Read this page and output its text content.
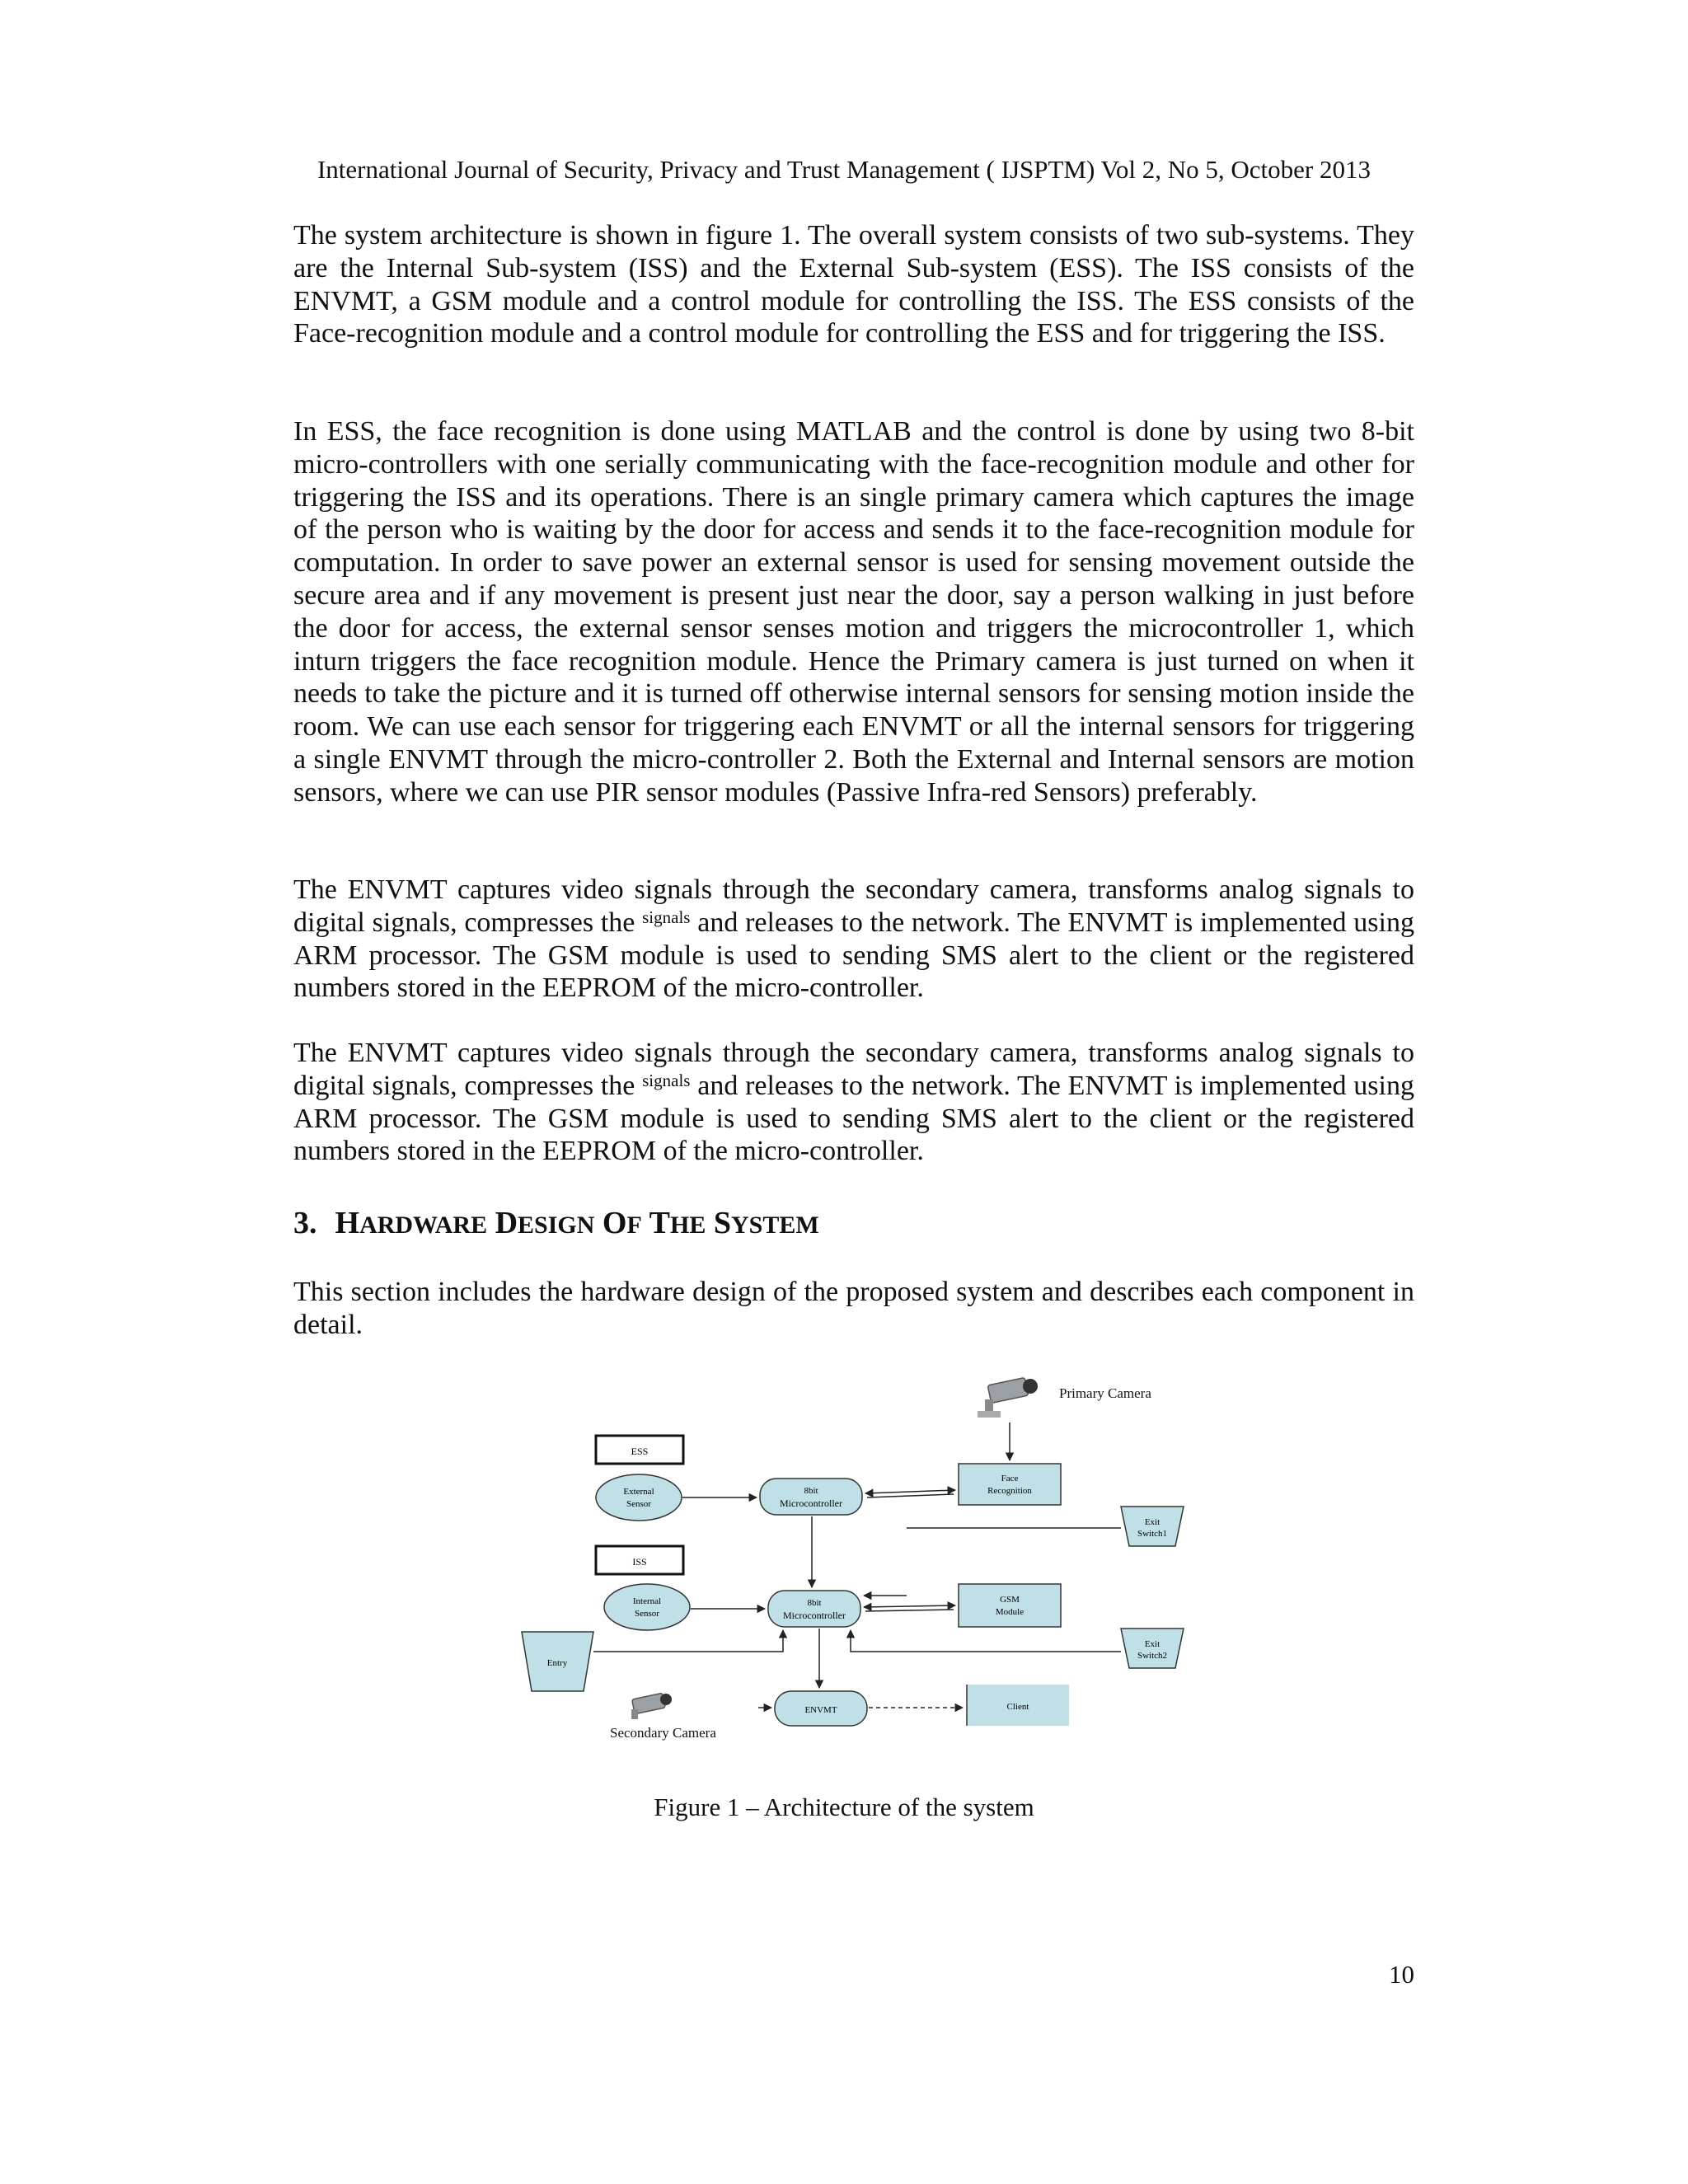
International Journal of Security, Privacy and Trust Management ( IJSPTM) Vol 2, No 5, October 2013

The system architecture is shown in figure 1. The overall system consists of two sub-systems. They are the Internal Sub-system (ISS) and the External Sub-system (ESS). The ISS consists of the ENVMT, a GSM module and a control module for controlling the ISS. The ESS consists of the Face-recognition module and a control module for controlling the ESS and for triggering the ISS.

In ESS, the face recognition is done using MATLAB and the control is done by using two 8-bit micro-controllers with one serially communicating with the face-recognition module and other for triggering the ISS and its operations. There is an single primary camera which captures the image of the person who is waiting by the door for access and sends it to the face-recognition module for computation. In order to save power an external sensor is used for sensing movement outside the secure area and if any movement is present just near the door, say a person walking in just before the door for access, the external sensor senses motion and triggers the microcontroller 1, which inturn triggers the face recognition module. Hence the Primary camera is just turned on when it needs to take the picture and it is turned off otherwise internal sensors for sensing motion inside the room. We can use each sensor for triggering each ENVMT or all the internal sensors for triggering a single ENVMT through the micro-controller 2. Both the External and Internal sensors are motion sensors, where we can use PIR sensor modules (Passive Infra-red Sensors) preferably.

The ENVMT captures video signals through the secondary camera, transforms analog signals to digital signals, compresses the $^{signals}$ and releases to the network. The ENVMT is implemented using ARM processor. The GSM module is used to sending SMS alert to the client or the registered numbers stored in the EEPROM of the micro-controller.

The ENVMT captures video signals through the secondary camera, transforms analog signals to digital signals, compresses the $^{signals}$ and releases to the network. The ENVMT is implemented using ARM processor. The GSM module is used to sending SMS alert to the client or the registered numbers stored in the EEPROM of the micro-controller.

3. HARDWARE DESIGN OF THE SYSTEM

This section includes the hardware design of the proposed system and describes each component in detail.

Primary Camera
ESS
External
Sensor
8bit
Microcontroller
Face
Recognition
Exit
Switch1
ISS
Internal
Sensor
8bit
Microcontroller
GSM
Module
Exit
Switch2
Entry
ENVMT	Client
Secondary Camera
Figure 1 – Architecture of the system
10
